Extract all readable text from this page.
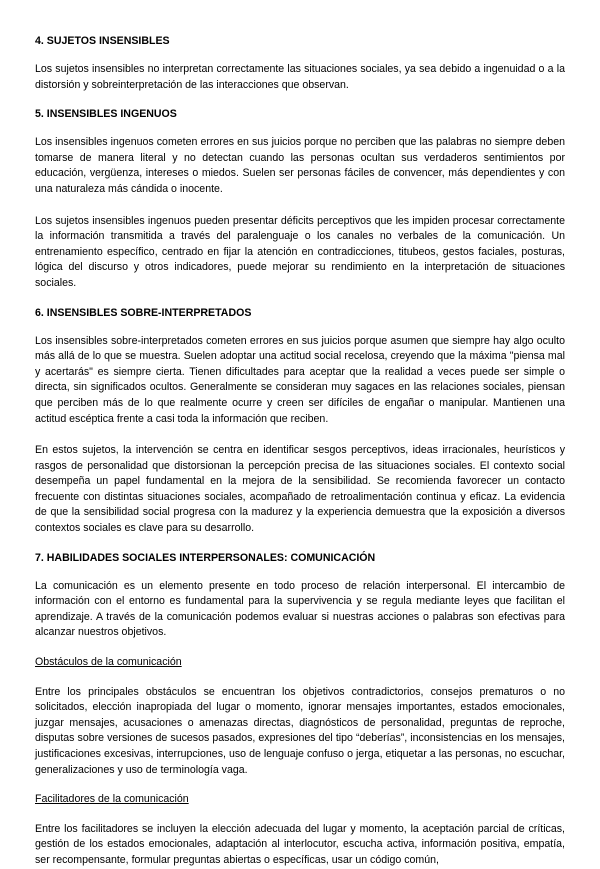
4. SUJETOS INSENSIBLES

Los sujetos insensibles no interpretan correctamente las situaciones sociales, ya sea debido a ingenuidad o a la distorsión y sobreinterpretación de las interacciones que observan.

5. INSENSIBLES INGENUOS

Los insensibles ingenuos cometen errores en sus juicios porque no perciben que las palabras no siempre deben tomarse de manera literal y no detectan cuando las personas ocultan sus verdaderos sentimientos por educación, vergüenza, intereses o miedos. Suelen ser personas fáciles de convencer, más dependientes y con una naturaleza más cándida o inocente.

Los sujetos insensibles ingenuos pueden presentar déficits perceptivos que les impiden procesar correctamente la información transmitida a través del paralenguaje o los canales no verbales de la comunicación. Un entrenamiento específico, centrado en fijar la atención en contradicciones, titubeos, gestos faciales, posturas, lógica del discurso y otros indicadores, puede mejorar su rendimiento en la interpretación de situaciones sociales.

6. INSENSIBLES SOBRE-INTERPRETADOS

Los insensibles sobre-interpretados cometen errores en sus juicios porque asumen que siempre hay algo oculto más allá de lo que se muestra. Suelen adoptar una actitud social recelosa, creyendo que la máxima "piensa mal y acertarás" es siempre cierta. Tienen dificultades para aceptar que la realidad a veces puede ser simple o directa, sin significados ocultos. Generalmente se consideran muy sagaces en las relaciones sociales, piensan que perciben más de lo que realmente ocurre y creen ser difíciles de engañar o manipular. Mantienen una actitud escéptica frente a casi toda la información que reciben.

En estos sujetos, la intervención se centra en identificar sesgos perceptivos, ideas irracionales, heurísticos y rasgos de personalidad que distorsionan la percepción precisa de las situaciones sociales. El contexto social desempeña un papel fundamental en la mejora de la sensibilidad. Se recomienda favorecer un contacto frecuente con distintas situaciones sociales, acompañado de retroalimentación continua y eficaz. La evidencia de que la sensibilidad social progresa con la madurez y la experiencia demuestra que la exposición a diversos contextos sociales es clave para su desarrollo.

7. HABILIDADES SOCIALES INTERPERSONALES: COMUNICACIÓN

La comunicación es un elemento presente en todo proceso de relación interpersonal. El intercambio de información con el entorno es fundamental para la supervivencia y se regula mediante leyes que facilitan el aprendizaje. A través de la comunicación podemos evaluar si nuestras acciones o palabras son efectivas para alcanzar nuestros objetivos.

Obstáculos de la comunicación

Entre los principales obstáculos se encuentran los objetivos contradictorios, consejos prematuros o no solicitados, elección inapropiada del lugar o momento, ignorar mensajes importantes, estados emocionales, juzgar mensajes, acusaciones o amenazas directas, diagnósticos de personalidad, preguntas de reproche, disputas sobre versiones de sucesos pasados, expresiones del tipo “deberías”, inconsistencias en los mensajes, justificaciones excesivas, interrupciones, uso de lenguaje confuso o jerga, etiquetar a las personas, no escuchar, generalizaciones y uso de terminología vaga.

Facilitadores de la comunicación

Entre los facilitadores se incluyen la elección adecuada del lugar y momento, la aceptación parcial de críticas, gestión de los estados emocionales, adaptación al interlocutor, escucha activa, información positiva, empatía, ser recompensante, formular preguntas abiertas o específicas, usar un código común,
